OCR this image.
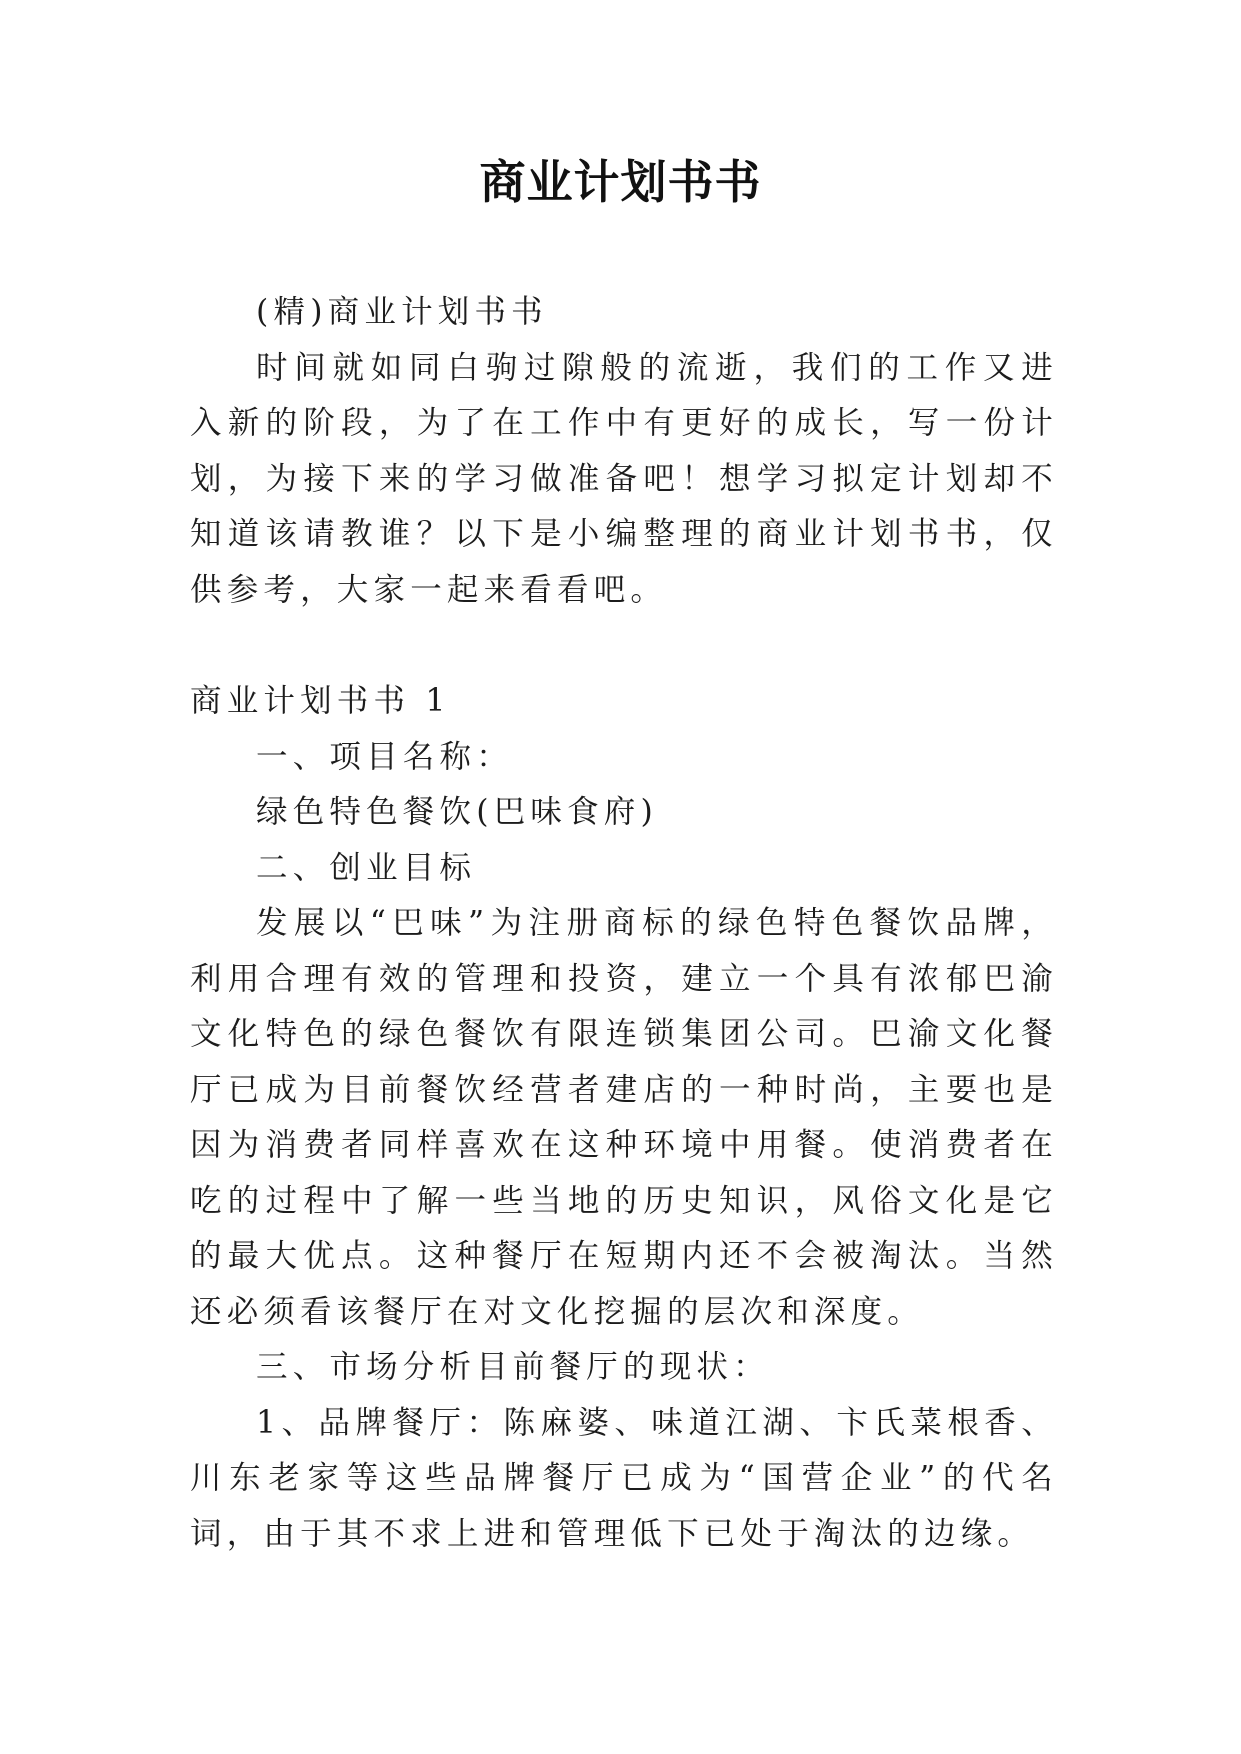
商业计划书书

(精)商业计划书书

时间就如同白驹过隙般的流逝，我们的工作又进入新的阶段，为了在工作中有更好的成长，写一份计划，为接下来的学习做准备吧！想学习拟定计划却不知道该请教谁？以下是小编整理的商业计划书书，仅供参考，大家一起来看看吧。

商业计划书书 1

一、项目名称：

绿色特色餐饮(巴味食府)

二、创业目标

发展以“巴味”为注册商标的绿色特色餐饮品牌，利用合理有效的管理和投资，建立一个具有浓郁巴渝文化特色的绿色餐饮有限连锁集团公司。巴渝文化餐厅已成为目前餐饮经营者建店的一种时尚，主要也是因为消费者同样喜欢在这种环境中用餐。使消费者在吃的过程中了解一些当地的历史知识，风俗文化是它的最大优点。这种餐厅在短期内还不会被淘汰。当然还必须看该餐厅在对文化挖掘的层次和深度。

三、市场分析目前餐厅的现状：

1、品牌餐厅：陈麻婆、味道江湖、卞氏菜根香、川东老家等这些品牌餐厅已成为“国营企业”的代名词，由于其不求上进和管理低下已处于淘汰的边缘。
